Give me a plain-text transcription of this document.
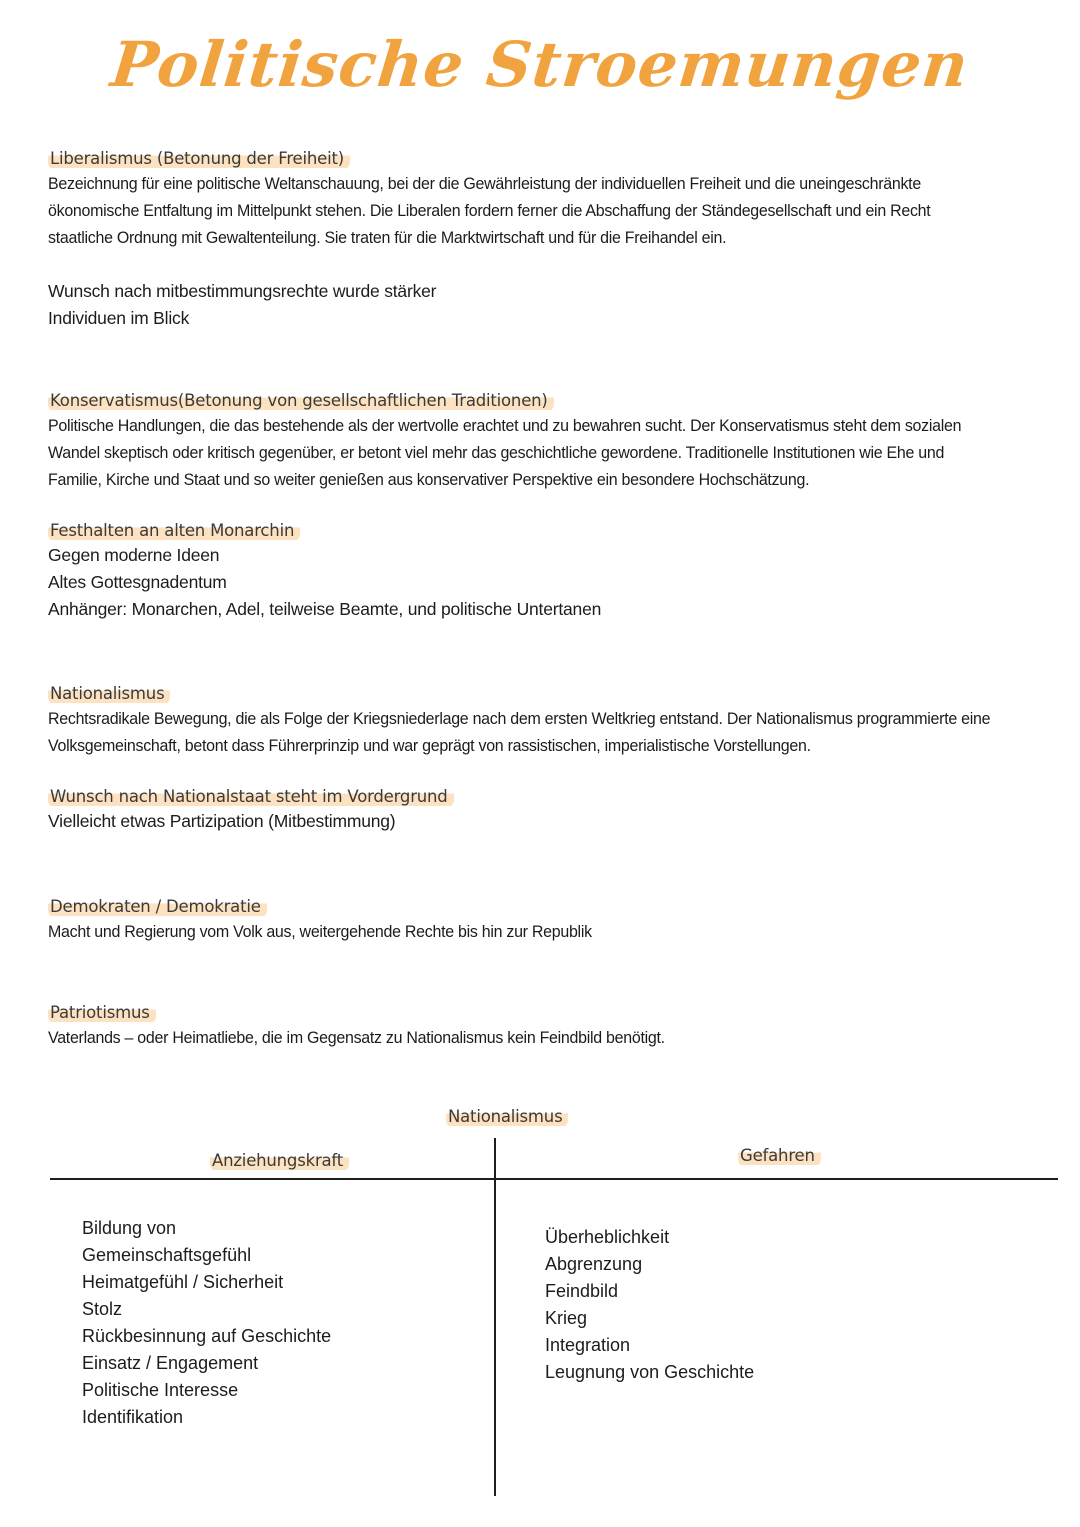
Politische Stroemungen
Liberalismus (Betonung der Freiheit)
Bezeichnung für eine politische Weltanschauung, bei der die Gewährleistung der individuellen Freiheit und die uneingeschränkte
ökonomische Entfaltung im Mittelpunkt stehen. Die Liberalen fordern ferner die Abschaffung der Ständegesellschaft und ein Recht
staatliche Ordnung mit Gewaltenteilung. Sie traten für die Marktwirtschaft und für die Freihandel ein.

Wunsch nach mitbestimmungsrechte wurde stärker

Individuen im Blick

Konservatismus(Betonung von gesellschaftlichen Traditionen)
Politische Handlungen, die das bestehende als der wertvolle erachtet und zu bewahren sucht. Der Konservatismus steht dem sozialen
Wandel skeptisch oder kritisch gegenüber, er betont viel mehr das geschichtliche gewordene. Traditionelle Institutionen wie Ehe und
Familie, Kirche und Staat und so weiter genießen aus konservativer Perspektive ein besondere Hochschätzung.
Festhalten an alten Monarchin

Gegen moderne Ideen

Altes Gottesgnadentum

Anhänger: Monarchen, Adel, teilweise Beamte, und politische Untertanen

Nationalismus
Rechtsradikale Bewegung, die als Folge der Kriegsniederlage nach dem ersten Weltkrieg entstand. Der Nationalismus programmierte eine
Volksgemeinschaft, betont dass Führerprinzip und war geprägt von rassistischen, imperialistische Vorstellungen.
Wunsch nach Nationalstaat steht im Vordergrund

Vielleicht etwas Partizipation (Mitbestimmung)

Demokraten / Demokratie
Macht und Regierung vom Volk aus, weitergehende Rechte bis hin zur Republik
Patriotismus
Vaterlands – oder Heimatliebe, die im Gegensatz zu Nationalismus kein Feindbild benötigt.
Nationalismus
Anziehungskraft	Gefahren
Bildung von
Gemeinschaftsgefühl
Heimatgefühl / Sicherheit
Stolz
Rückbesinnung auf Geschichte
Einsatz / Engagement
Politische Interesse
Identifikation
Überheblichkeit
Abgrenzung
Feindbild
Krieg
Integration
Leugnung von Geschichte
